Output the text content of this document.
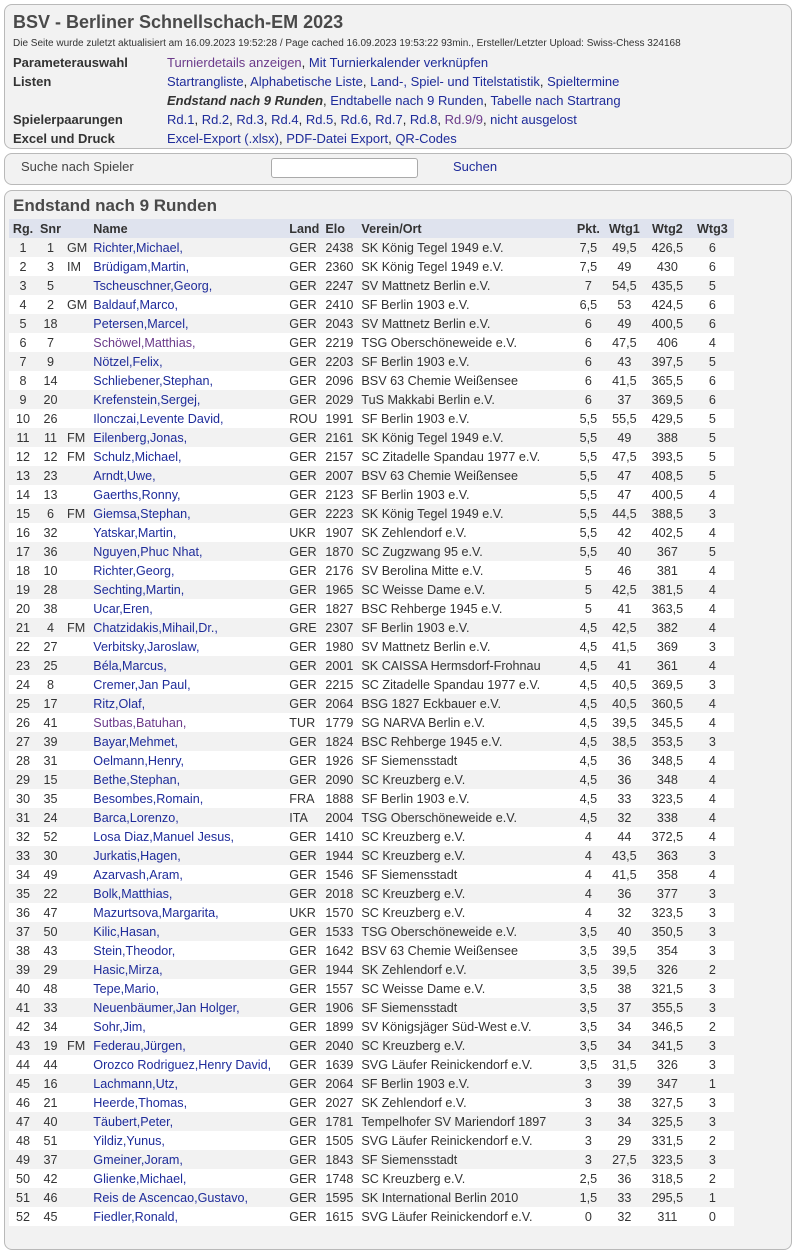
BSV - Berliner Schnellschach-EM 2023
Die Seite wurde zuletzt aktualisiert am 16.09.2023 19:52:28 / Page cached 16.09.2023 19:53:22 93min., Ersteller/Letzter Upload: Swiss-Chess 324168
Parameterauswahl	Turnierdetails anzeigen, Mit Turnierkalender verknüpfen
Listen	Startrangliste, Alphabetische Liste, Land-, Spiel- und Titelstatistik, Spieltermine
Endstand nach 9 Runden, Endtabelle nach 9 Runden, Tabelle nach Startrang
Spielerpaarungen	Rd.1, Rd.2, Rd.3, Rd.4, Rd.5, Rd.6, Rd.7, Rd.8, Rd.9/9, nicht ausgelost
Excel und Druck	Excel-Export (.xlsx), PDF-Datei Export, QR-Codes
Suche nach Spieler	Suchen
Endstand nach 9 Runden
Rg.	Snr		Name	Land	Elo	Verein/Ort	Pkt.	Wtg1	Wtg2	Wtg3
1	1	GM	Richter,Michael,	GER	2438	SK König Tegel 1949 e.V.	7,5	49,5	426,5	6
2	3	IM	Brüdigam,Martin,	GER	2360	SK König Tegel 1949 e.V.	7,5	49	430	6
3	5		Tscheuschner,Georg,	GER	2247	SV Mattnetz Berlin e.V.	7	54,5	435,5	5
4	2	GM	Baldauf,Marco,	GER	2410	SF Berlin 1903 e.V.	6,5	53	424,5	6
5	18		Petersen,Marcel,	GER	2043	SV Mattnetz Berlin e.V.	6	49	400,5	6
6	7		Schöwel,Matthias,	GER	2219	TSG Oberschöneweide e.V.	6	47,5	406	4
7	9		Nötzel,Felix,	GER	2203	SF Berlin 1903 e.V.	6	43	397,5	5
8	14		Schliebener,Stephan,	GER	2096	BSV 63 Chemie Weißensee	6	41,5	365,5	6
9	20		Krefenstein,Sergej,	GER	2029	TuS Makkabi Berlin e.V.	6	37	369,5	6
10	26		Ilonczai,Levente David,	ROU	1991	SF Berlin 1903 e.V.	5,5	55,5	429,5	5
11	11	FM	Eilenberg,Jonas,	GER	2161	SK König Tegel 1949 e.V.	5,5	49	388	5
12	12	FM	Schulz,Michael,	GER	2157	SC Zitadelle Spandau 1977 e.V.	5,5	47,5	393,5	5
13	23		Arndt,Uwe,	GER	2007	BSV 63 Chemie Weißensee	5,5	47	408,5	5
14	13		Gaerths,Ronny,	GER	2123	SF Berlin 1903 e.V.	5,5	47	400,5	4
15	6	FM	Giemsa,Stephan,	GER	2223	SK König Tegel 1949 e.V.	5,5	44,5	388,5	3
16	32		Yatskar,Martin,	UKR	1907	SK Zehlendorf e.V.	5,5	42	402,5	4
17	36		Nguyen,Phuc Nhat,	GER	1870	SC Zugzwang 95 e.V.	5,5	40	367	5
18	10		Richter,Georg,	GER	2176	SV Berolina Mitte e.V.	5	46	381	4
19	28		Sechting,Martin,	GER	1965	SC Weisse Dame e.V.	5	42,5	381,5	4
20	38		Ucar,Eren,	GER	1827	BSC Rehberge 1945 e.V.	5	41	363,5	4
21	4	FM	Chatzidakis,Mihail,Dr.,	GRE	2307	SF Berlin 1903 e.V.	4,5	42,5	382	4
22	27		Verbitsky,Jaroslaw,	GER	1980	SV Mattnetz Berlin e.V.	4,5	41,5	369	3
23	25		Béla,Marcus,	GER	2001	SK CAISSA Hermsdorf-Frohnau	4,5	41	361	4
24	8		Cremer,Jan Paul,	GER	2215	SC Zitadelle Spandau 1977 e.V.	4,5	40,5	369,5	3
25	17		Ritz,Olaf,	GER	2064	BSG 1827 Eckbauer e.V.	4,5	40,5	360,5	4
26	41		Sutbas,Batuhan,	TUR	1779	SG NARVA Berlin e.V.	4,5	39,5	345,5	4
27	39		Bayar,Mehmet,	GER	1824	BSC Rehberge 1945 e.V.	4,5	38,5	353,5	3
28	31		Oelmann,Henry,	GER	1926	SF Siemensstadt	4,5	36	348,5	4
29	15		Bethe,Stephan,	GER	2090	SC Kreuzberg e.V.	4,5	36	348	4
30	35		Besombes,Romain,	FRA	1888	SF Berlin 1903 e.V.	4,5	33	323,5	4
31	24		Barca,Lorenzo,	ITA	2004	TSG Oberschöneweide e.V.	4,5	32	338	4
32	52		Losa Diaz,Manuel Jesus,	GER	1410	SC Kreuzberg e.V.	4	44	372,5	4
33	30		Jurkatis,Hagen,	GER	1944	SC Kreuzberg e.V.	4	43,5	363	3
34	49		Azarvash,Aram,	GER	1546	SF Siemensstadt	4	41,5	358	4
35	22		Bolk,Matthias,	GER	2018	SC Kreuzberg e.V.	4	36	377	3
36	47		Mazurtsova,Margarita,	UKR	1570	SC Kreuzberg e.V.	4	32	323,5	3
37	50		Kilic,Hasan,	GER	1533	TSG Oberschöneweide e.V.	3,5	40	350,5	3
38	43		Stein,Theodor,	GER	1642	BSV 63 Chemie Weißensee	3,5	39,5	354	3
39	29		Hasic,Mirza,	GER	1944	SK Zehlendorf e.V.	3,5	39,5	326	2
40	48		Tepe,Mario,	GER	1557	SC Weisse Dame e.V.	3,5	38	321,5	3
41	33		Neuenbäumer,Jan Holger,	GER	1906	SF Siemensstadt	3,5	37	355,5	3
42	34		Sohr,Jim,	GER	1899	SV Königsjäger Süd-West e.V.	3,5	34	346,5	2
43	19	FM	Federau,Jürgen,	GER	2040	SC Kreuzberg e.V.	3,5	34	341,5	3
44	44		Orozco Rodriguez,Henry David,	GER	1639	SVG Läufer Reinickendorf e.V.	3,5	31,5	326	3
45	16		Lachmann,Utz,	GER	2064	SF Berlin 1903 e.V.	3	39	347	1
46	21		Heerde,Thomas,	GER	2027	SK Zehlendorf e.V.	3	38	327,5	3
47	40		Täubert,Peter,	GER	1781	Tempelhofer SV Mariendorf 1897	3	34	325,5	3
48	51		Yildiz,Yunus,	GER	1505	SVG Läufer Reinickendorf e.V.	3	29	331,5	2
49	37		Gmeiner,Joram,	GER	1843	SF Siemensstadt	3	27,5	323,5	3
50	42		Glienke,Michael,	GER	1748	SC Kreuzberg e.V.	2,5	36	318,5	2
51	46		Reis de Ascencao,Gustavo,	GER	1595	SK International Berlin 2010	1,5	33	295,5	1
52	45		Fiedler,Ronald,	GER	1615	SVG Läufer Reinickendorf e.V.	0	32	311	0
